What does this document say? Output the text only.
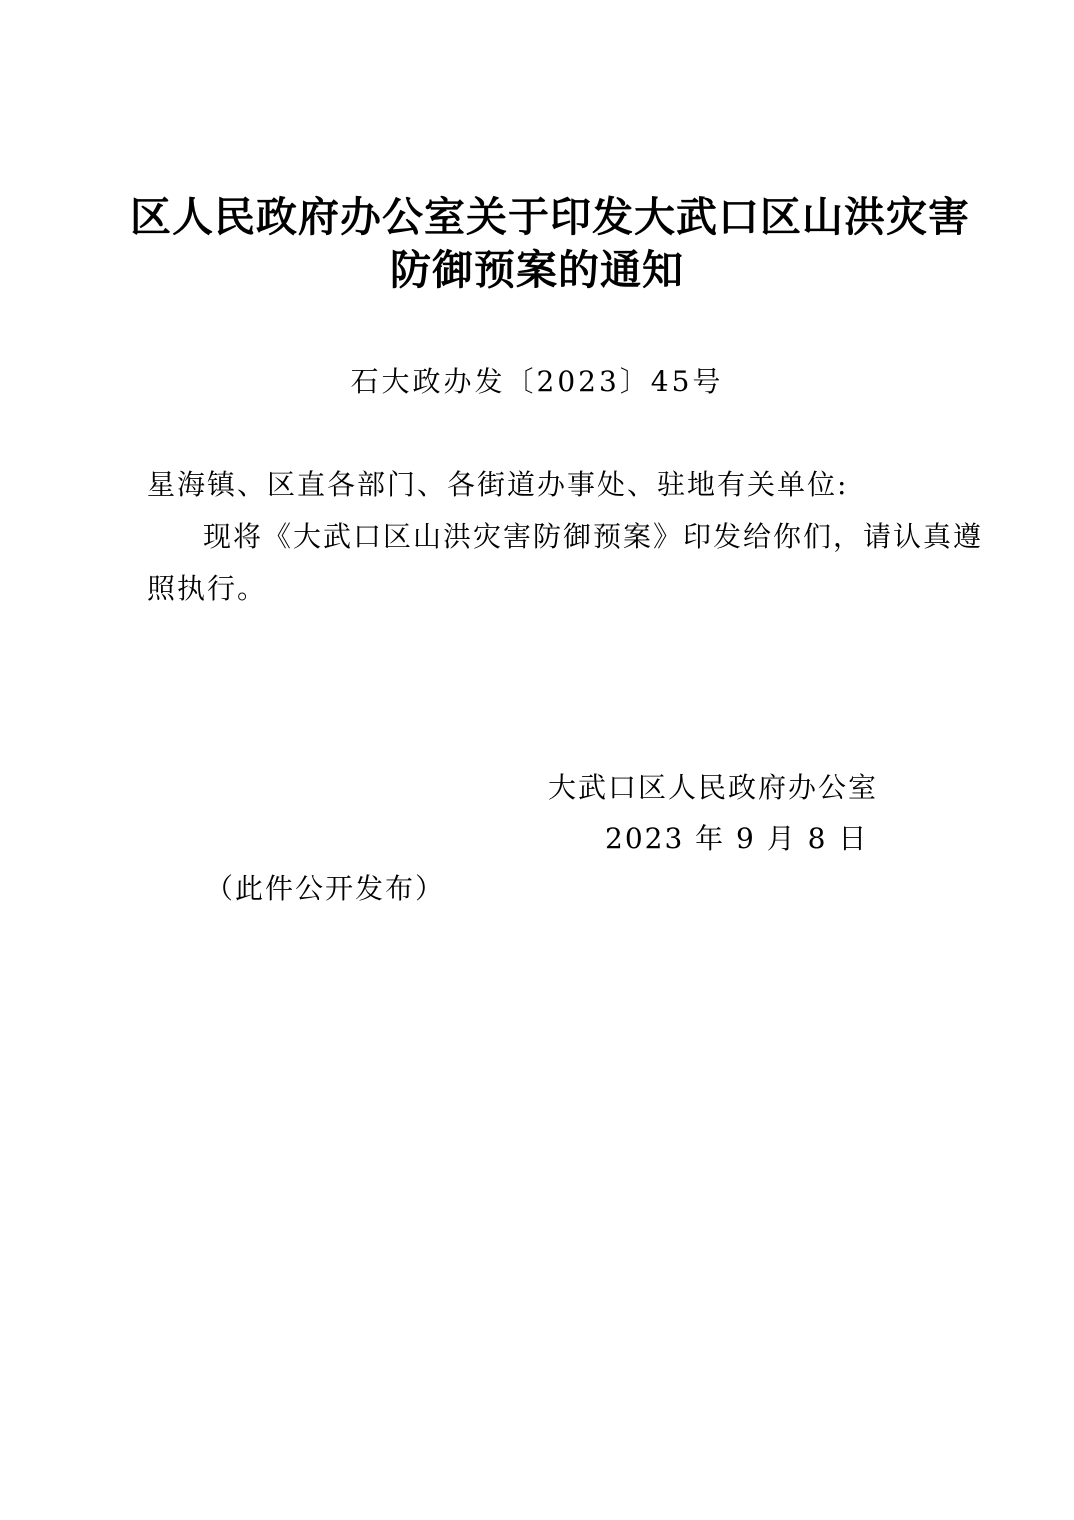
区人民政府办公室关于印发大武口区山洪灾害
防御预案的通知
石大政办发〔2023〕45号
星海镇、区直各部门、各街道办事处、驻地有关单位:
现将《大武口区山洪灾害防御预案》印发给你们，请认真遵
照执行。
大武口区人民政府办公室
2023 年 9 月 8 日
（此件公开发布）
